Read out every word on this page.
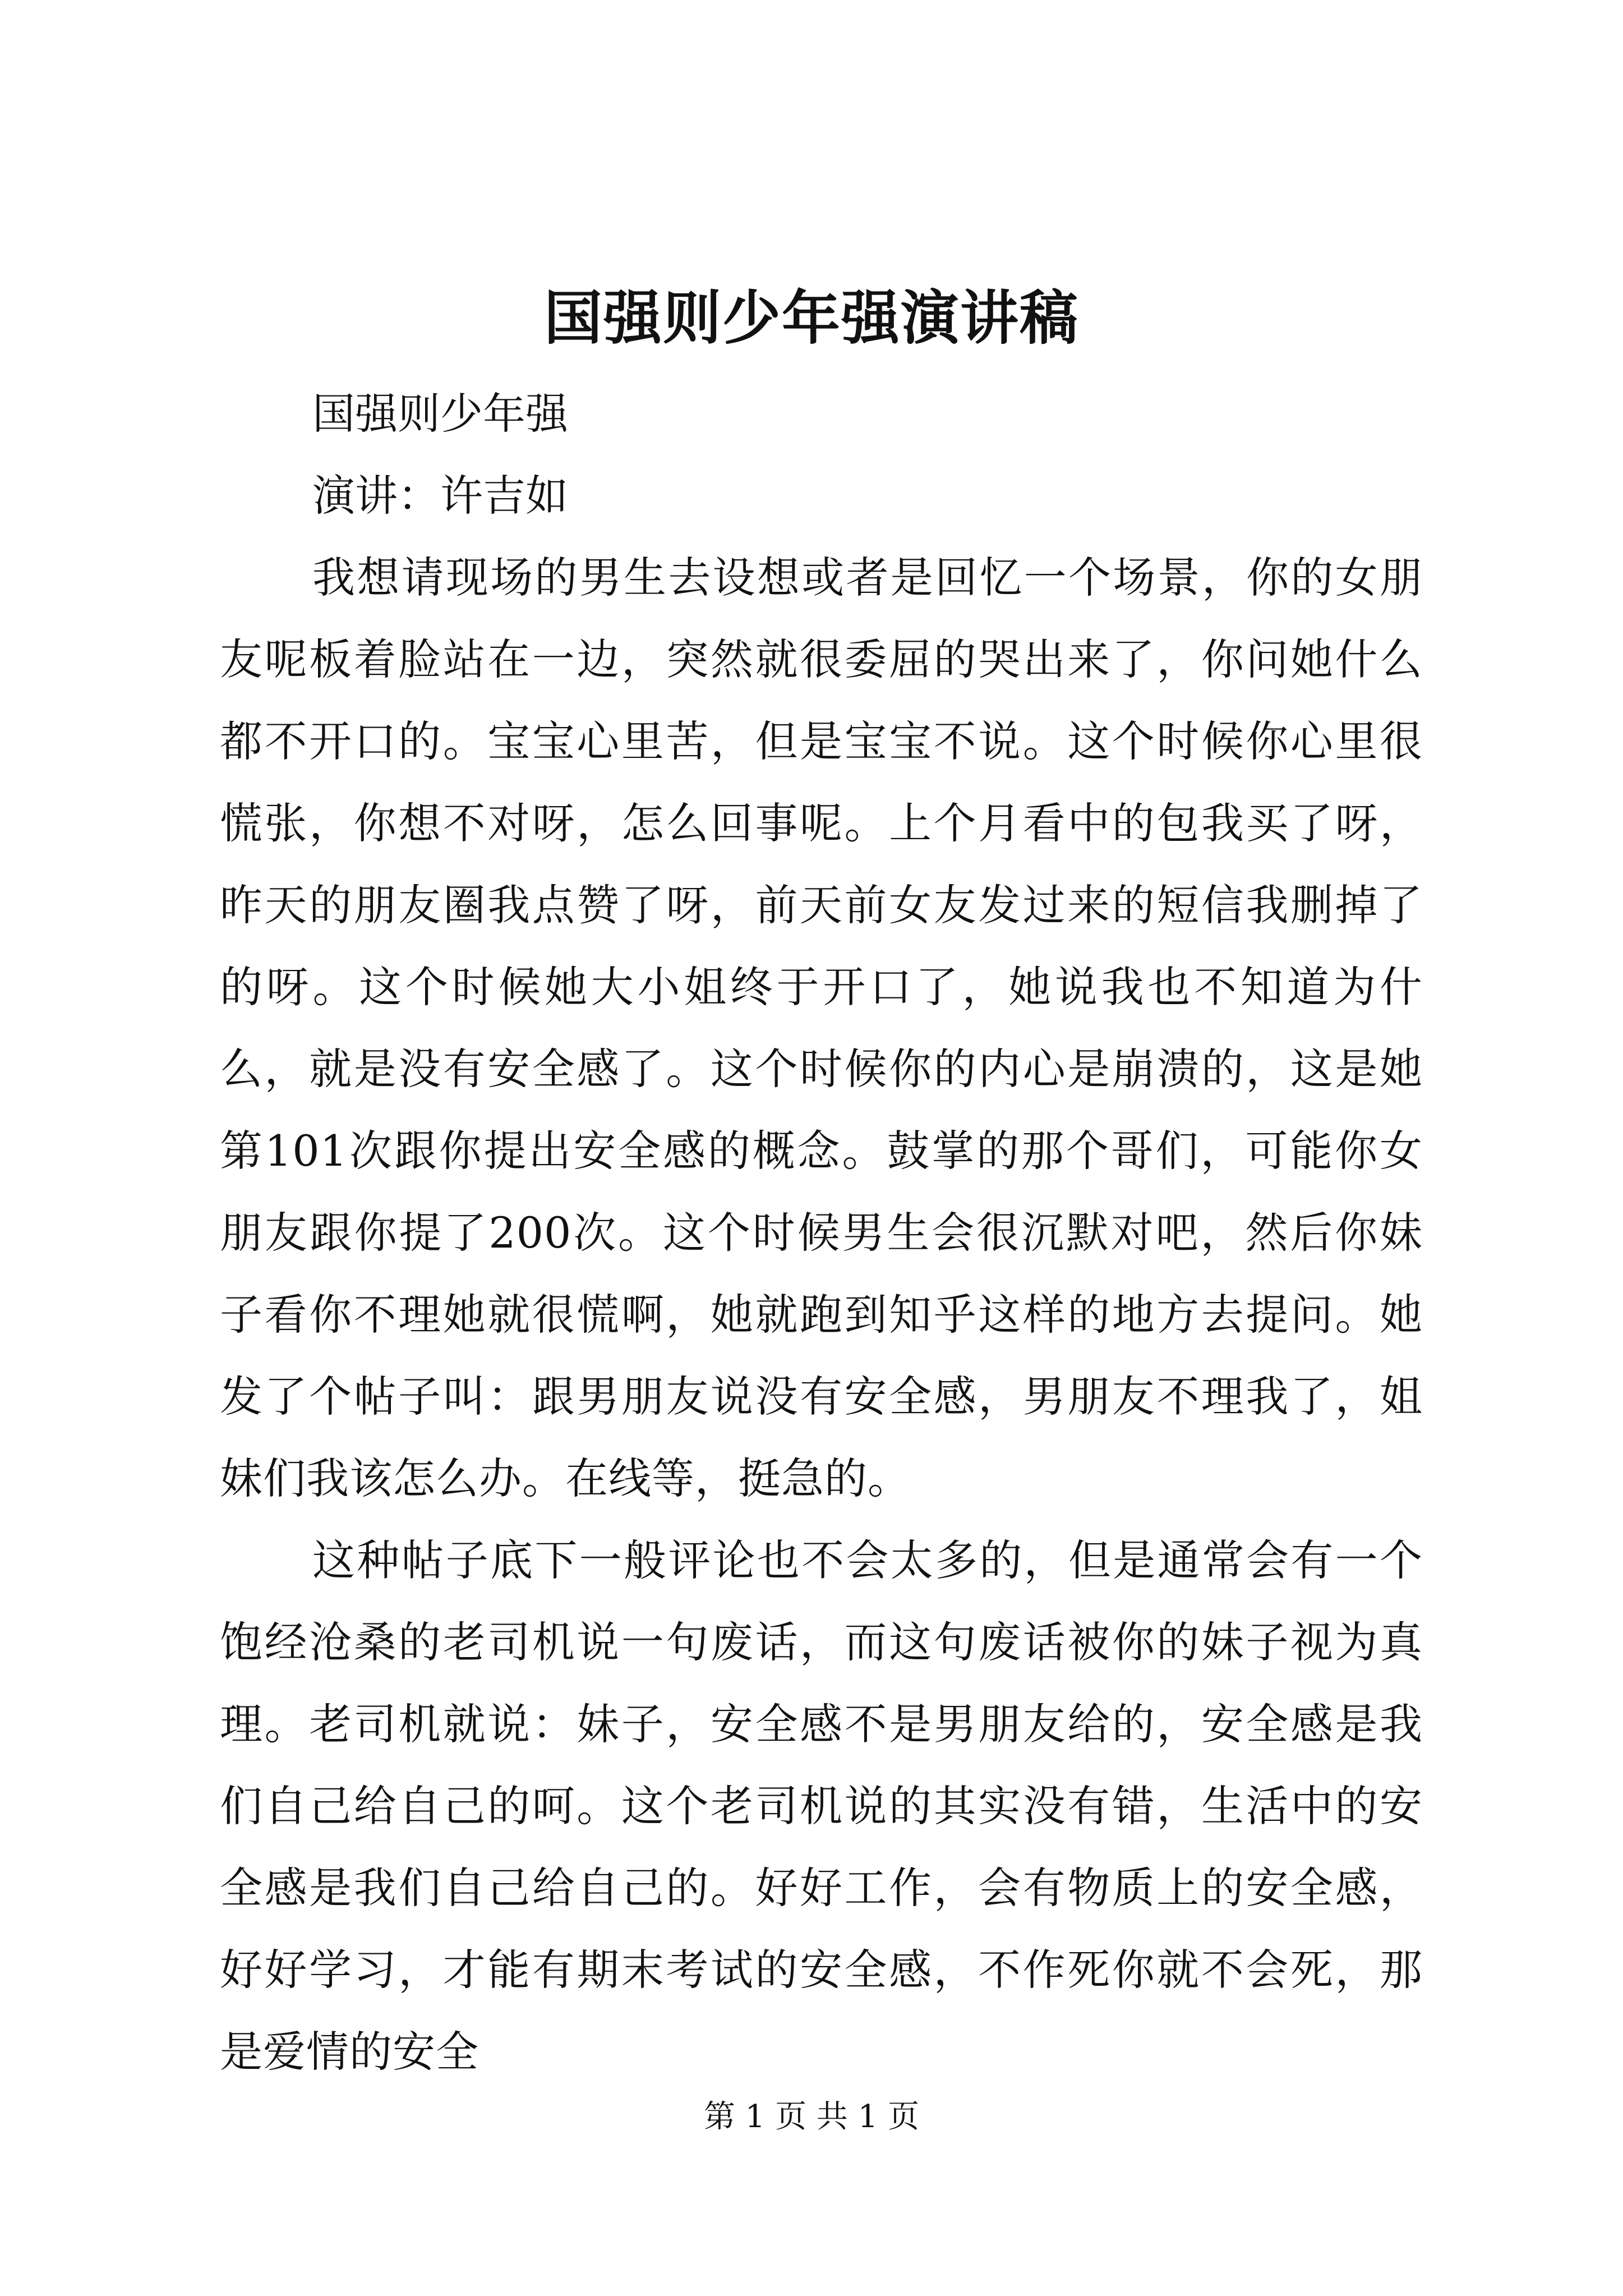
国强则少年强演讲稿

国强则少年强

演讲：许吉如

我想请现场的男生去设想或者是回忆一个场景，你的女朋友呢板着脸站在一边，突然就很委屈的哭出来了，你问她什么都不开口的。宝宝心里苦，但是宝宝不说。这个时候你心里很慌张，你想不对呀，怎么回事呢。上个月看中的包我买了呀，昨天的朋友圈我点赞了呀，前天前女友发过来的短信我删掉了的呀。这个时候她大小姐终于开口了，她说我也不知道为什么，就是没有安全感了。这个时候你的内心是崩溃的，这是她第101次跟你提出安全感的概念。鼓掌的那个哥们，可能你女朋友跟你提了200次。这个时候男生会很沉默对吧，然后你妹子看你不理她就很慌啊，她就跑到知乎这样的地方去提问。她发了个帖子叫：跟男朋友说没有安全感，男朋友不理我了，姐妹们我该怎么办。在线等，挺急的。

这种帖子底下一般评论也不会太多的，但是通常会有一个饱经沧桑的老司机说一句废话，而这句废话被你的妹子视为真理。老司机就说：妹子，安全感不是男朋友给的，安全感是我们自己给自己的呵。这个老司机说的其实没有错，生活中的安全感是我们自己给自己的。好好工作，会有物质上的安全感，好好学习，才能有期末考试的安全感，不作死你就不会死，那是爱情的安全

第 1 页 共 1 页
